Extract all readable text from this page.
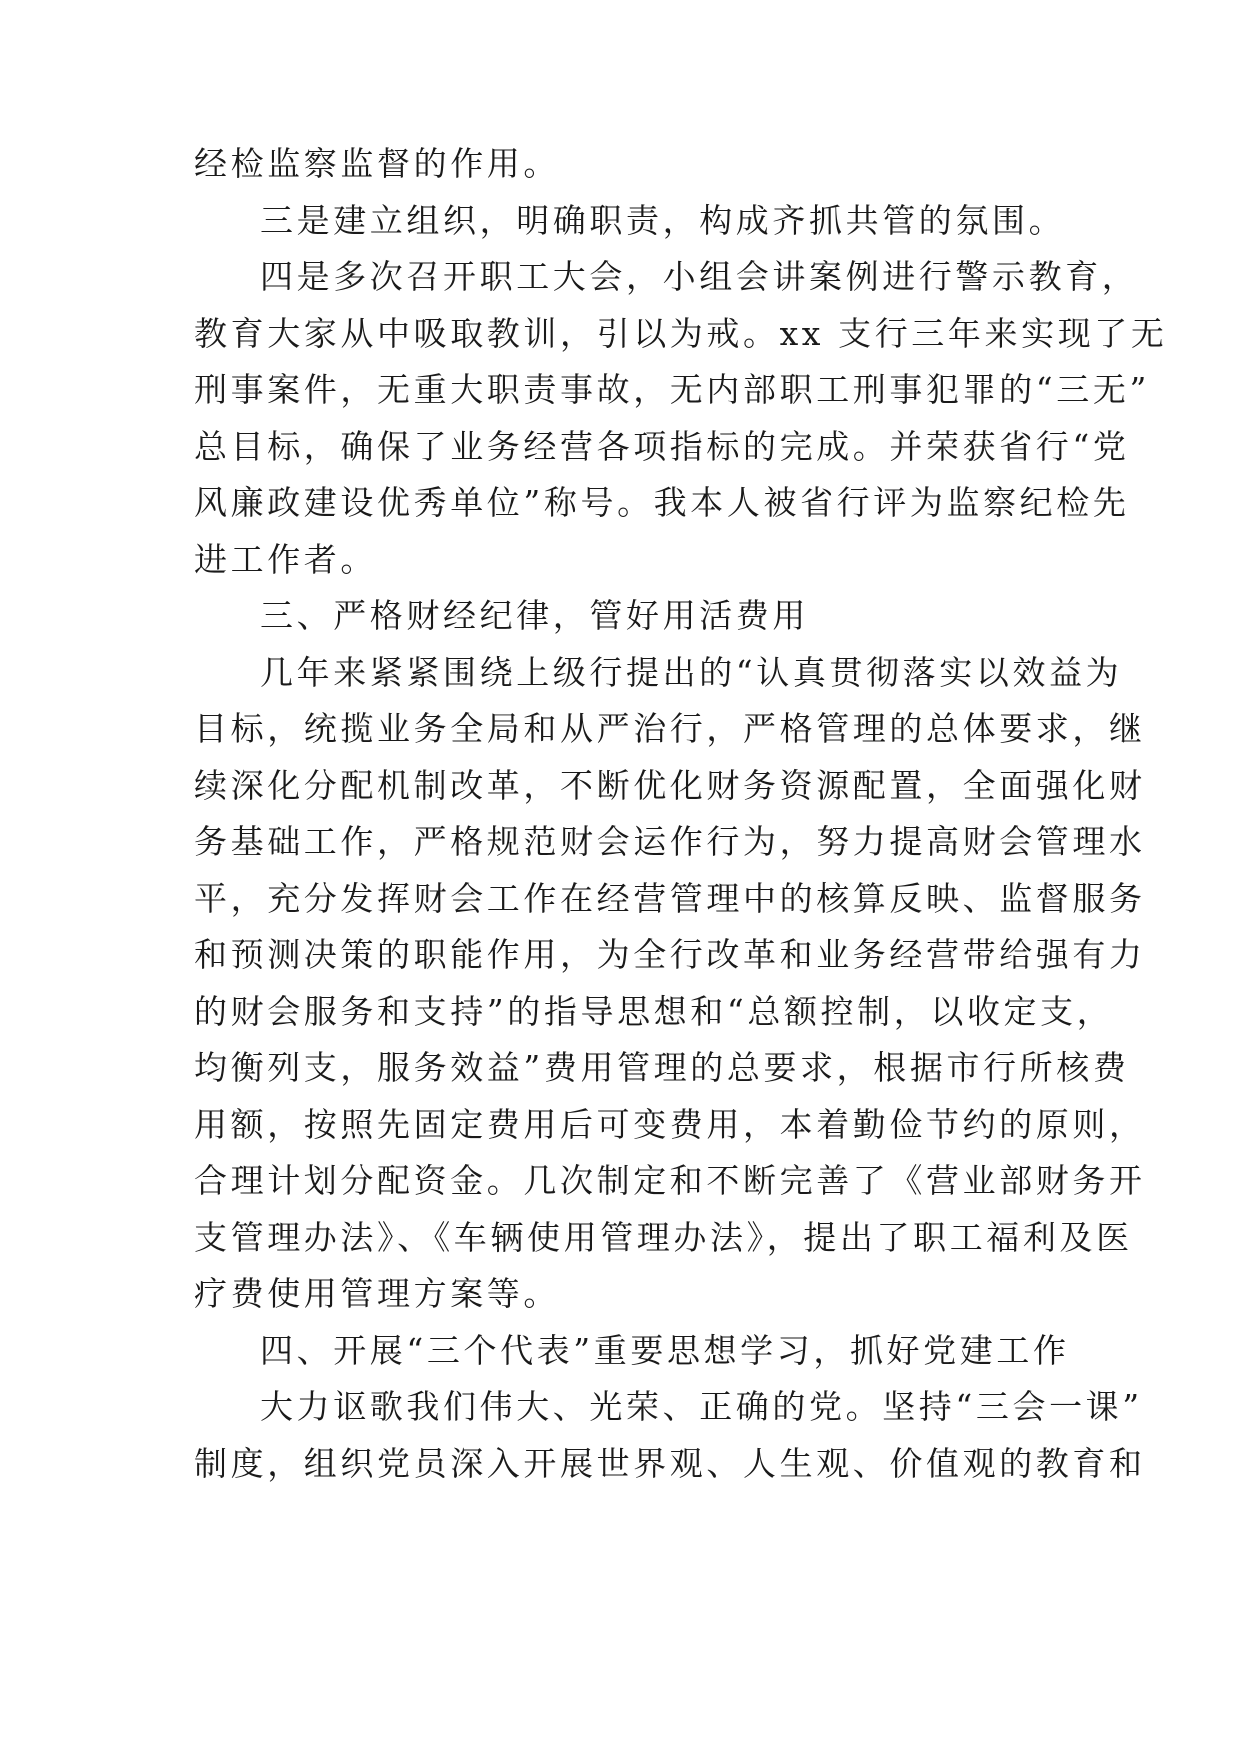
经检监察监督的作用。
三是建立组织，明确职责，构成齐抓共管的氛围。
四是多次召开职工大会，小组会讲案例进行警示教育，
教育大家从中吸取教训，引以为戒。xx 支行三年来实现了无
刑事案件，无重大职责事故，无内部职工刑事犯罪的“三无”
总目标，确保了业务经营各项指标的完成。并荣获省行“党
风廉政建设优秀单位”称号。我本人被省行评为监察纪检先
进工作者。
三、严格财经纪律，管好用活费用
几年来紧紧围绕上级行提出的“认真贯彻落实以效益为
目标，统揽业务全局和从严治行，严格管理的总体要求，继
续深化分配机制改革，不断优化财务资源配置，全面强化财
务基础工作，严格规范财会运作行为，努力提高财会管理水
平，充分发挥财会工作在经营管理中的核算反映、监督服务
和预测决策的职能作用，为全行改革和业务经营带给强有力
的财会服务和支持”的指导思想和“总额控制，以收定支，
均衡列支，服务效益”费用管理的总要求，根据市行所核费
用额，按照先固定费用后可变费用，本着勤俭节约的原则，
合理计划分配资金。几次制定和不断完善了《营业部财务开
支管理办法》、《车辆使用管理办法》，提出了职工福利及医
疗费使用管理方案等。
四、开展“三个代表”重要思想学习，抓好党建工作
大力讴歌我们伟大、光荣、正确的党。坚持“三会一课”
制度，组织党员深入开展世界观、人生观、价值观的教育和
